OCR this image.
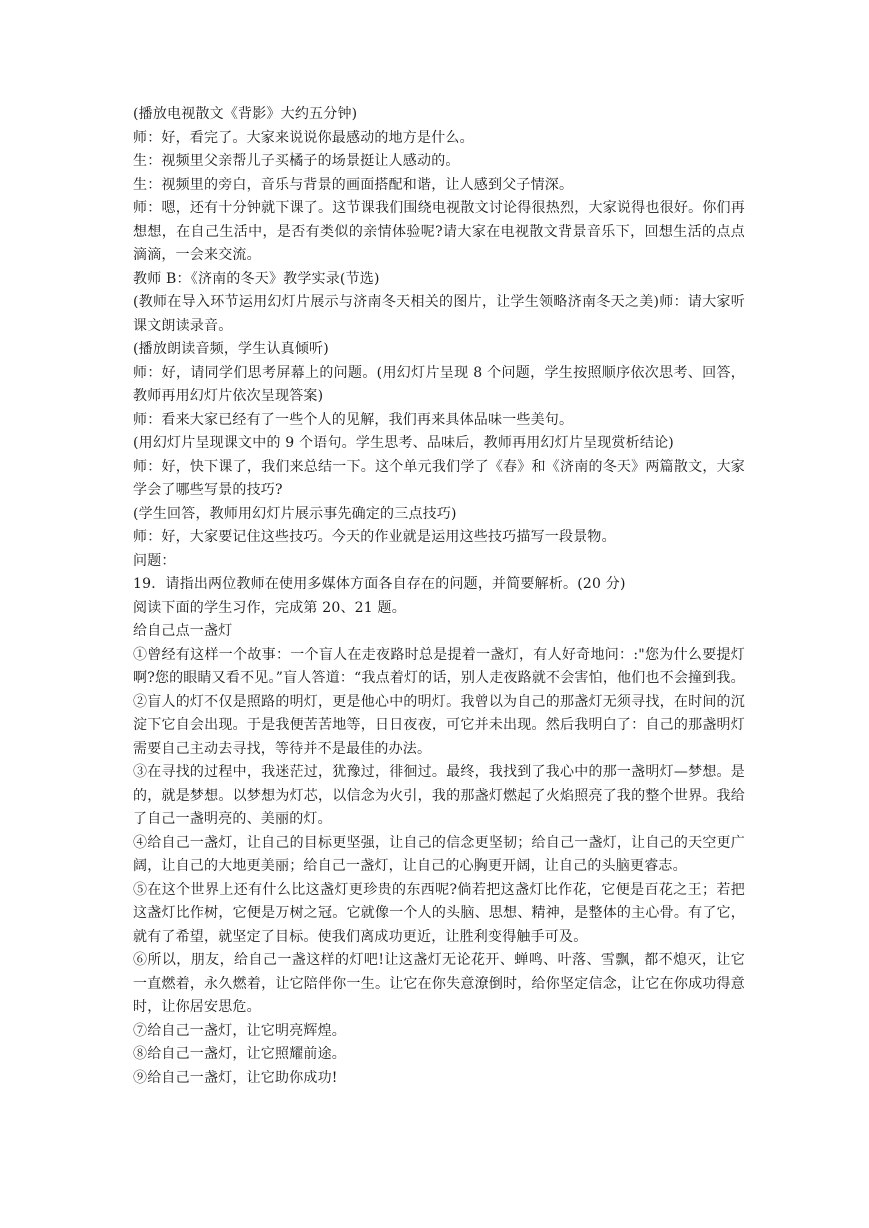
(播放电视散文《背影》大约五分钟)

师：好，看完了。大家来说说你最感动的地方是什么。

生：视频里父亲帮儿子买橘子的场景挺让人感动的。

生：视频里的旁白，音乐与背景的画面搭配和谐，让人感到父子情深。

师：嗯，还有十分钟就下课了。这节课我们围绕电视散文讨论得很热烈，大家说得也很好。你们再想想，在自己生活中，是否有类似的亲情体验呢?请大家在电视散文背景音乐下，回想生活的点点滴滴，一会来交流。

教师 B：《济南的冬天》教学实录(节选)

(教师在导入环节运用幻灯片展示与济南冬天相关的图片，让学生领略济南冬天之美)师：请大家听课文朗读录音。

(播放朗读音频，学生认真倾听)

师：好，请同学们思考屏幕上的问题。(用幻灯片呈现 8 个问题，学生按照顺序依次思考、回答，教师再用幻灯片依次呈现答案)

师：看来大家已经有了一些个人的见解，我们再来具体品味一些美句。

(用幻灯片呈现课文中的 9 个语句。学生思考、品味后，教师再用幻灯片呈现赏析结论)

师：好，快下课了，我们来总结一下。这个单元我们学了《春》和《济南的冬天》两篇散文，大家学会了哪些写景的技巧?

(学生回答，教师用幻灯片展示事先确定的三点技巧)

师：好，大家要记住这些技巧。今天的作业就是运用这些技巧描写一段景物。

问题：

19．请指出两位教师在使用多媒体方面各自存在的问题，并简要解析。(20 分)

阅读下面的学生习作，完成第 20、21 题。

给自己点一盏灯

①曾经有这样一个故事：一个盲人在走夜路时总是提着一盏灯，有人好奇地问：:"您为什么要提灯啊?您的眼睛又看不见。”盲人答道：“我点着灯的话，别人走夜路就不会害怕，他们也不会撞到我。

②盲人的灯不仅是照路的明灯，更是他心中的明灯。我曾以为自己的那盏灯无须寻找，在时间的沉淀下它自会出现。于是我便苦苦地等，日日夜夜，可它并未出现。然后我明白了：自己的那盏明灯需要自己主动去寻找，等待并不是最佳的办法。

③在寻找的过程中，我迷茫过，犹豫过，徘徊过。最终，我找到了我心中的那一盏明灯—梦想。是的，就是梦想。以梦想为灯芯，以信念为火引，我的那盏灯燃起了火焰照亮了我的整个世界。我给了自己一盏明亮的、美丽的灯。

④给自己一盏灯，让自己的目标更坚强，让自己的信念更坚韧；给自己一盏灯，让自己的天空更广阔，让自己的大地更美丽；给自己一盏灯，让自己的心胸更开阔，让自己的头脑更睿志。

⑤在这个世界上还有什么比这盏灯更珍贵的东西呢?倘若把这盏灯比作花，它便是百花之王；若把这盏灯比作树，它便是万树之冠。它就像一个人的头脑、思想、精神，是整体的主心骨。有了它，就有了希望，就坚定了目标。使我们离成功更近，让胜利变得触手可及。

⑥所以，朋友，给自己一盏这样的灯吧!让这盏灯无论花开、蝉鸣、叶落、雪飘，都不熄灭，让它一直燃着，永久燃着，让它陪伴你一生。让它在你失意潦倒时，给你坚定信念，让它在你成功得意时，让你居安思危。

⑦给自己一盏灯，让它明亮辉煌。

⑧给自己一盏灯，让它照耀前途。

⑨给自己一盏灯，让它助你成功!
